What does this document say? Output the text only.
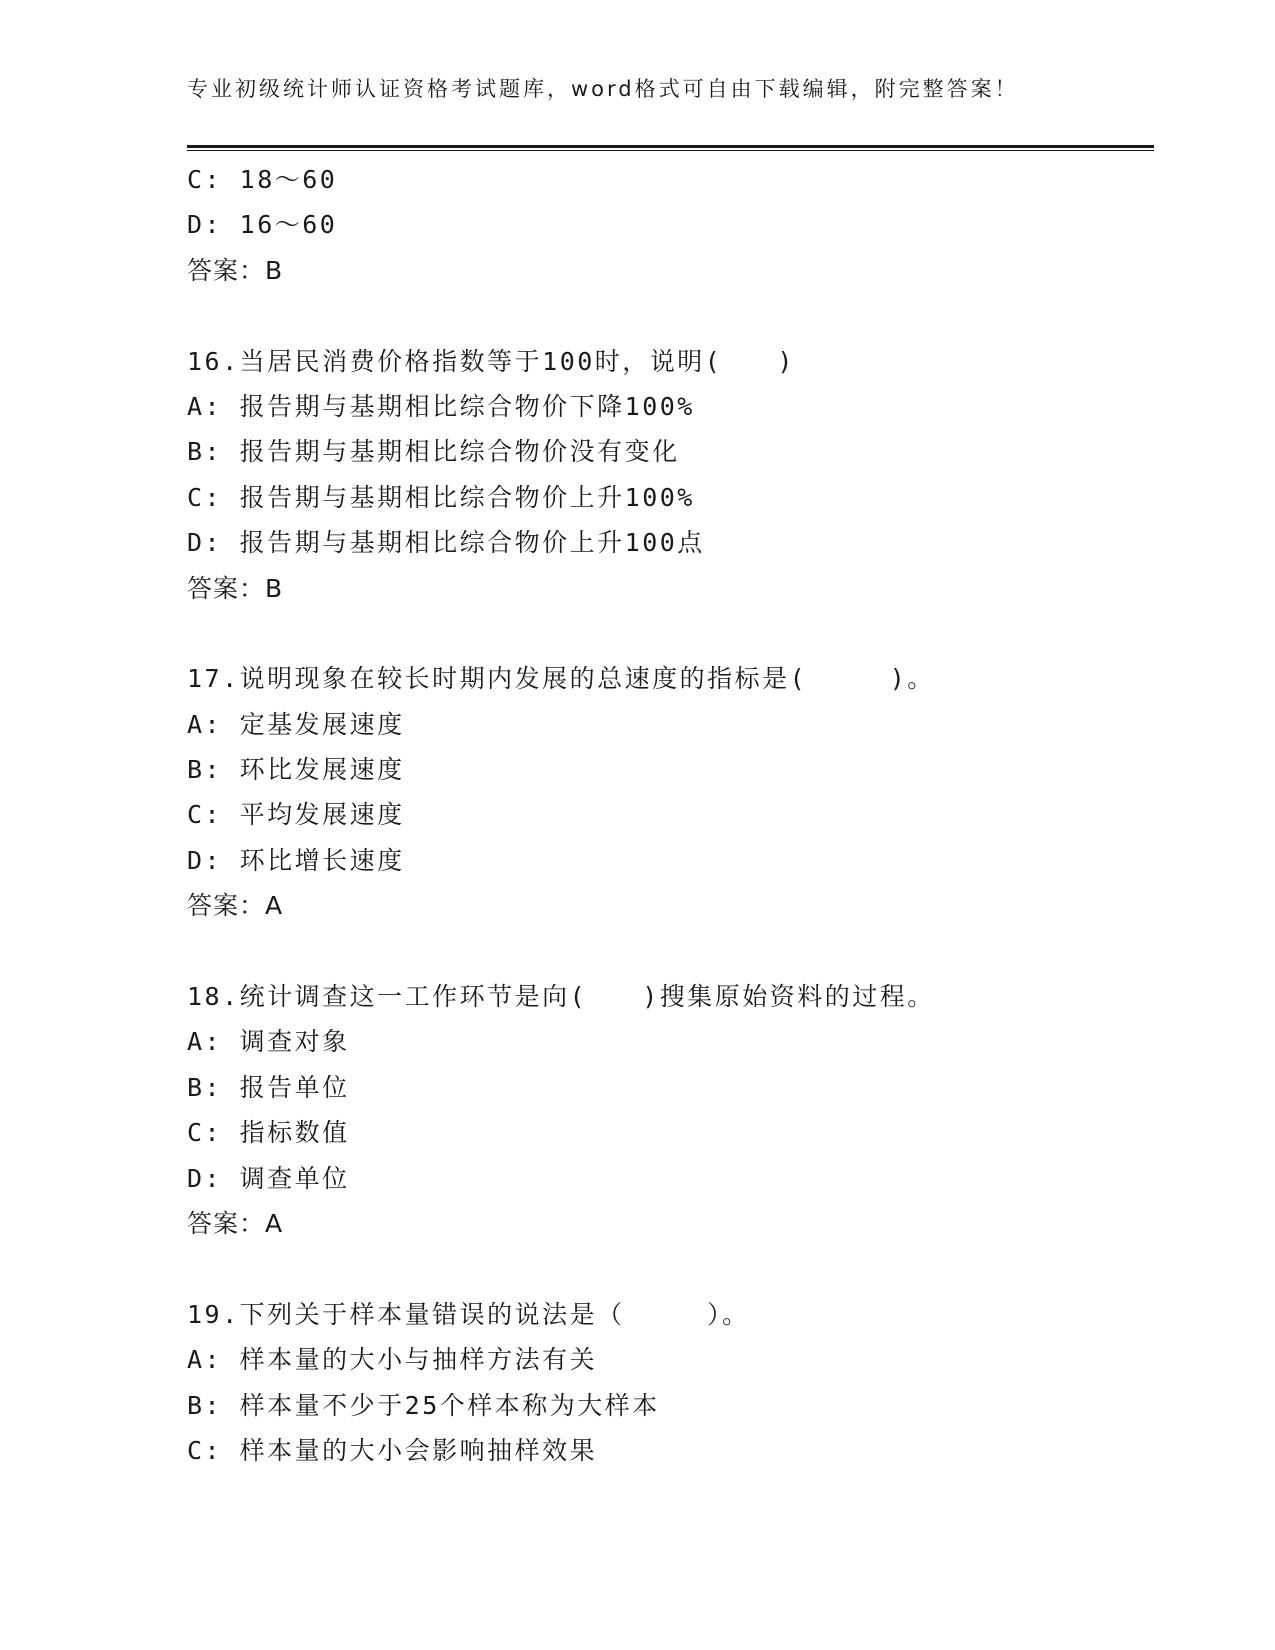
专业初级统计师认证资格考试题库，word格式可自由下载编辑，附完整答案！
C: 18～60
D: 16～60
答案：B
16.当居民消费价格指数等于100时，说明(　　)
A: 报告期与基期相比综合物价下降100%
B: 报告期与基期相比综合物价没有变化
C: 报告期与基期相比综合物价上升100%
D: 报告期与基期相比综合物价上升100点
答案：B
17.说明现象在较长时期内发展的总速度的指标是(　　　)。
A: 定基发展速度
B: 环比发展速度
C: 平均发展速度
D: 环比增长速度
答案：A
18.统计调查这一工作环节是向(　　)搜集原始资料的过程。
A: 调查对象
B: 报告单位
C: 指标数值
D: 调查单位
答案：A
19.下列关于样本量错误的说法是（　　　）。
A: 样本量的大小与抽样方法有关
B: 样本量不少于25个样本称为大样本
C: 样本量的大小会影响抽样效果
